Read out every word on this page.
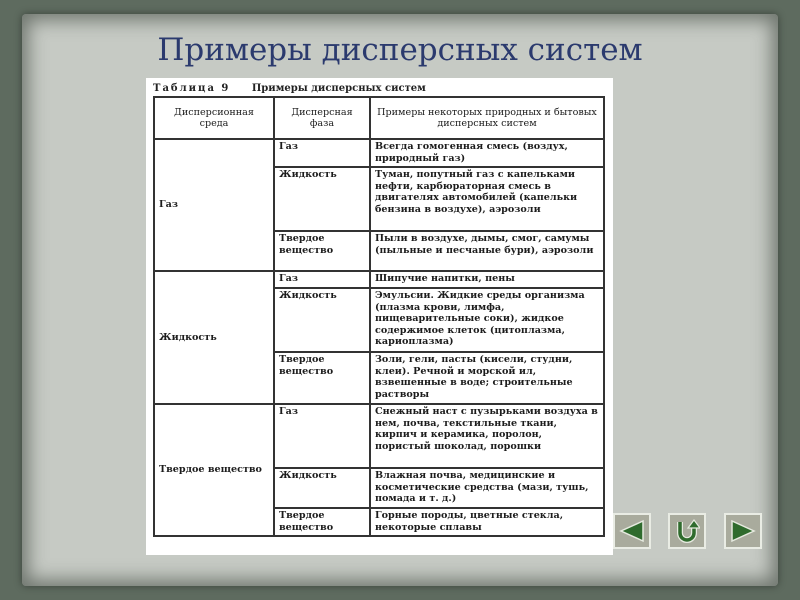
Примеры дисперсных систем
Таблица 9 Примеры дисперсных систем
Дисперсионная среда	Дисперсная фаза	Примеры некоторых природных и бытовых дисперсных систем
Газ	Газ	Всегда гомогенная смесь (воздух, природный газ)
	Жидкость	Туман, попутный газ с капельками нефти, карбюраторная смесь в двигателях автомобилей (капельки бензина в воздухе), аэрозоли
	Твердое вещество	Пыли в воздухе, дымы, смог, самумы (пыльные и песчаные бури), аэрозоли
Жидкость	Газ	Шипучие напитки, пены
	Жидкость	Эмульсии. Жидкие среды организма (плазма крови, лимфа, пищеварительные соки), жидкое содержимое клеток (цитоплазма, кариоплазма)
	Твердое вещество	Золи, гели, пасты (кисели, студни, клеи). Речной и морской ил, взвешенные в воде; строительные растворы
Твердое вещество	Газ	Снежный наст с пузырьками воздуха в нем, почва, текстильные ткани, кирпич и керамика, поролон, пористый шоколад, порошки
	Жидкость	Влажная почва, медицинские и косметические средства (мази, тушь, помада и т. д.)
	Твердое вещество	Горные породы, цветные стекла, некоторые сплавы
